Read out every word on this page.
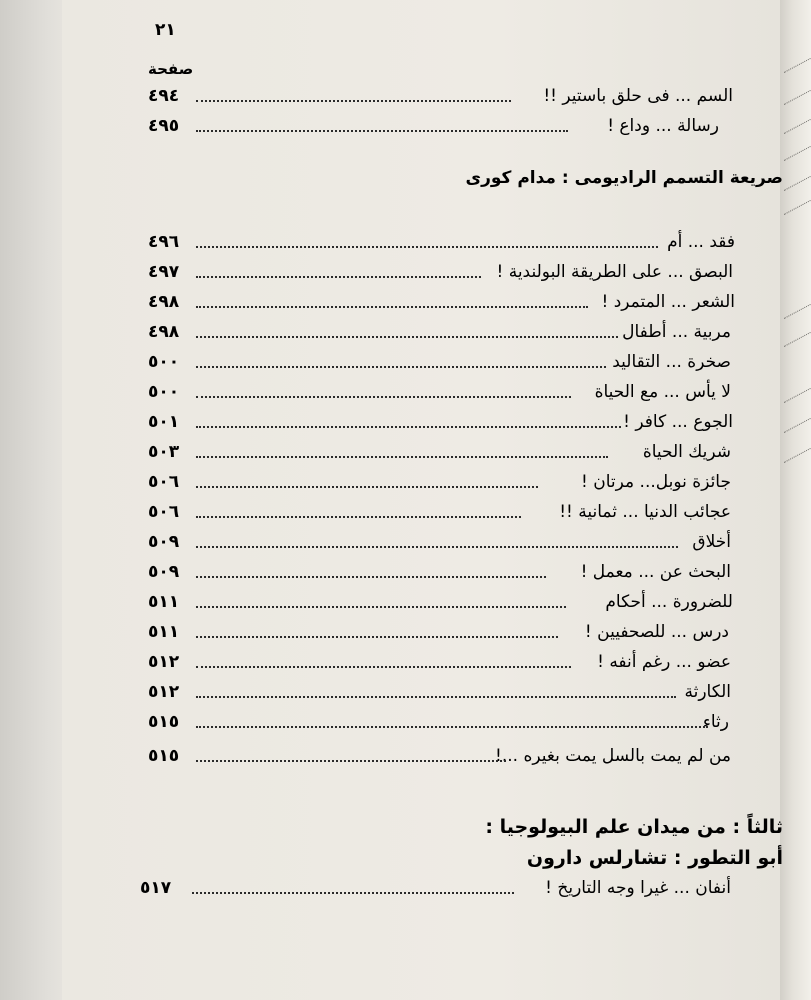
٢١
صفحة
السم ... فى حلق باستير !!
٤٩٤
رسالة ... وداع !
٤٩٥
صريعة التسمم الراديومى : مدام كورى
فقد ... أم
٤٩٦
البصق ... على الطريقة البولندية !
٤٩٧
الشعر ... المتمرد !
٤٩٨
مربية ... أطفال
٤٩٨
صخرة ... التقاليد
٥٠٠
لا يأس ... مع الحياة
٥٠٠
الجوع ... كافر !
٥٠١
شريك الحياة
٥٠٣
جائزة نوبل... مرتان !
٥٠٦
عجائب الدنيا ... ثمانية !!
٥٠٦
أخلاق
٥٠٩
البحث عن ... معمل !
٥٠٩
للضرورة ... أحكام
٥١١
درس ... للصحفيين !
٥١١
عضو ... رغم أنفه !
٥١٢
الكارثة
٥١٢
رثاء
٥١٥
من لم يمت بالسل يمت بغيره ...!
٥١٥
ثالثاً : من ميدان علم البيولوجيا :
أبو التطور : تشارلس دارون
أنفان ... غيرا وجه التاريخ !
٥١٧
